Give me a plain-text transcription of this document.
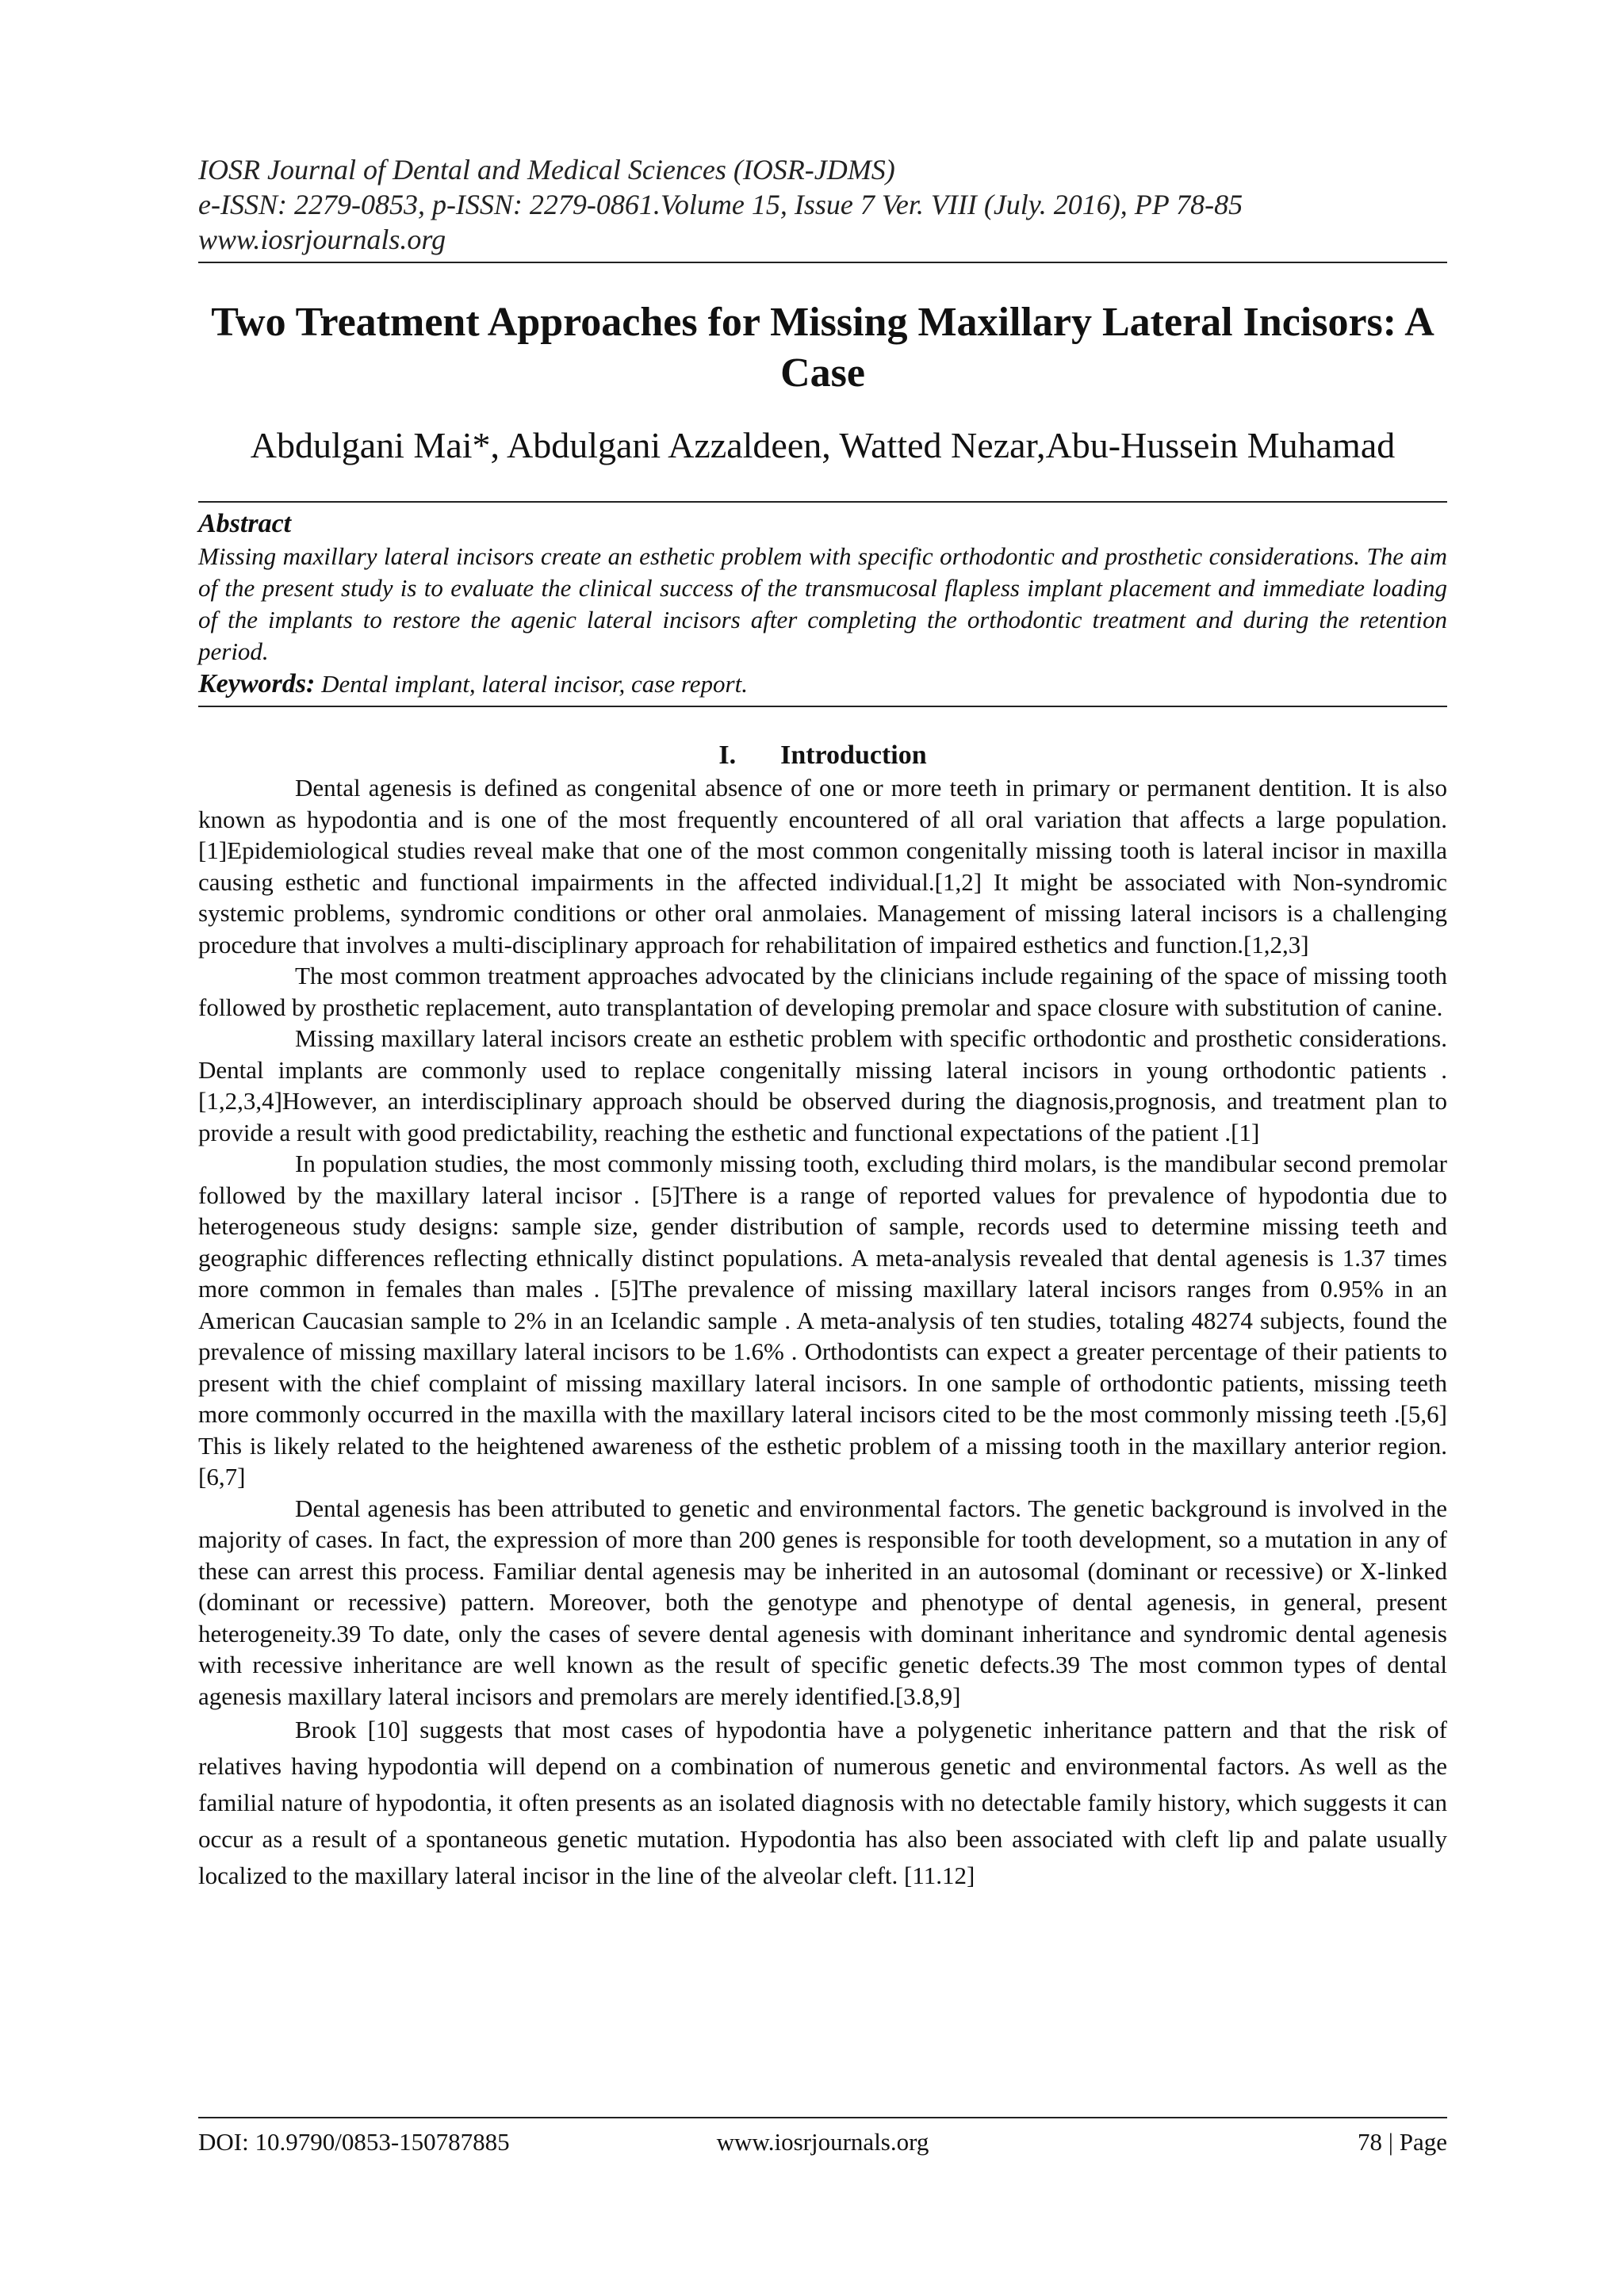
IOSR Journal of Dental and Medical Sciences (IOSR-JDMS)
e-ISSN: 2279-0853, p-ISSN: 2279-0861.Volume 15, Issue 7 Ver. VIII (July. 2016), PP 78-85
www.iosrjournals.org
Two Treatment Approaches for Missing Maxillary Lateral Incisors: A Case
Abdulgani Mai*, Abdulgani Azzaldeen, Watted Nezar,Abu-Hussein Muhamad
Abstract
Missing maxillary lateral incisors create an esthetic problem with specific orthodontic and prosthetic considerations. The aim of the present study is to evaluate the clinical success of the transmucosal flapless implant placement and immediate loading of the implants to restore the agenic lateral incisors after completing the orthodontic treatment and during the retention period.
Keywords: Dental implant, lateral incisor, case report.
I. Introduction

Dental agenesis is defined as congenital absence of one or more teeth in primary or permanent dentition. It is also known as hypodontia and is one of the most frequently encountered of all oral variation that affects a large population. [1]Epidemiological studies reveal make that one of the most common congenitally missing tooth is lateral incisor in maxilla causing esthetic and functional impairments in the affected individual.[1,2] It might be associated with Non-syndromic systemic problems, syndromic conditions or other oral anmolaies. Management of missing lateral incisors is a challenging procedure that involves a multi-disciplinary approach for rehabilitation of impaired esthetics and function.[1,2,3]

The most common treatment approaches advocated by the clinicians include regaining of the space of missing tooth followed by prosthetic replacement, auto transplantation of developing premolar and space closure with substitution of canine.

Missing maxillary lateral incisors create an esthetic problem with specific orthodontic and prosthetic considerations. Dental implants are commonly used to replace congenitally missing lateral incisors in young orthodontic patients . [1,2,3,4]However, an interdisciplinary approach should be observed during the diagnosis,prognosis, and treatment plan to provide a result with good predictability, reaching the esthetic and functional expectations of the patient .[1]

In population studies, the most commonly missing tooth, excluding third molars, is the mandibular second premolar followed by the maxillary lateral incisor . [5]There is a range of reported values for prevalence of hypodontia due to heterogeneous study designs: sample size, gender distribution of sample, records used to determine missing teeth and geographic differences reflecting ethnically distinct populations. A meta-analysis revealed that dental agenesis is 1.37 times more common in females than males . [5]The prevalence of missing maxillary lateral incisors ranges from 0.95% in an American Caucasian sample to 2% in an Icelandic sample . A meta-analysis of ten studies, totaling 48274 subjects, found the prevalence of missing maxillary lateral incisors to be 1.6% . Orthodontists can expect a greater percentage of their patients to present with the chief complaint of missing maxillary lateral incisors. In one sample of orthodontic patients, missing teeth more commonly occurred in the maxilla with the maxillary lateral incisors cited to be the most commonly missing teeth .[5,6] This is likely related to the heightened awareness of the esthetic problem of a missing tooth in the maxillary anterior region.[6,7]

Dental agenesis has been attributed to genetic and environmental factors. The genetic background is involved in the majority of cases. In fact, the expression of more than 200 genes is responsible for tooth development, so a mutation in any of these can arrest this process. Familiar dental agenesis may be inherited in an autosomal (dominant or recessive) or X-linked (dominant or recessive) pattern. Moreover, both the genotype and phenotype of dental agenesis, in general, present heterogeneity.39 To date, only the cases of severe dental agenesis with dominant inheritance and syndromic dental agenesis with recessive inheritance are well known as the result of specific genetic defects.39 The most common types of dental agenesis maxillary lateral incisors and premolars are merely identified.[3.8,9]

Brook [10] suggests that most cases of hypodontia have a polygenetic inheritance pattern and that the risk of relatives having hypodontia will depend on a combination of numerous genetic and environmental factors. As well as the familial nature of hypodontia, it often presents as an isolated diagnosis with no detectable family history, which suggests it can occur as a result of a spontaneous genetic mutation. Hypodontia has also been associated with cleft lip and palate usually localized to the maxillary lateral incisor in the line of the alveolar cleft. [11.12]

DOI: 10.9790/0853-150787885	www.iosrjournals.org	78 | Page
